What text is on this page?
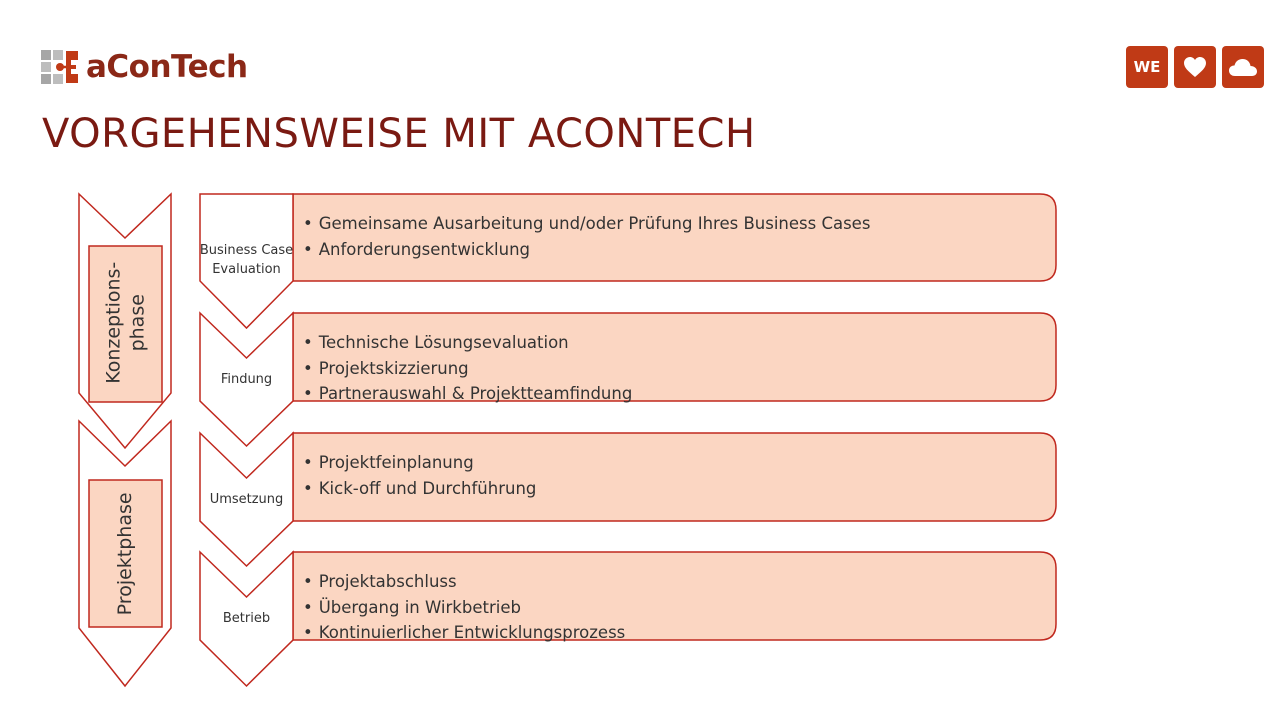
aConTech	WE
VORGEHENSWEISE MIT ACONTECH
Konzeptions- phase
Projektphase
Business Case
Evaluation
• Gemeinsame Ausarbeitung und/oder Prüfung Ihres Business Cases
• Anforderungsentwicklung
Findung
• Technische Lösungsevaluation
• Projektskizzierung
• Partnerauswahl & Projektteamfindung
Umsetzung
• Projektfeinplanung
• Kick-off und Durchführung
Betrieb
• Projektabschluss
• Übergang in Wirkbetrieb
• Kontinuierlicher Entwicklungsprozess
